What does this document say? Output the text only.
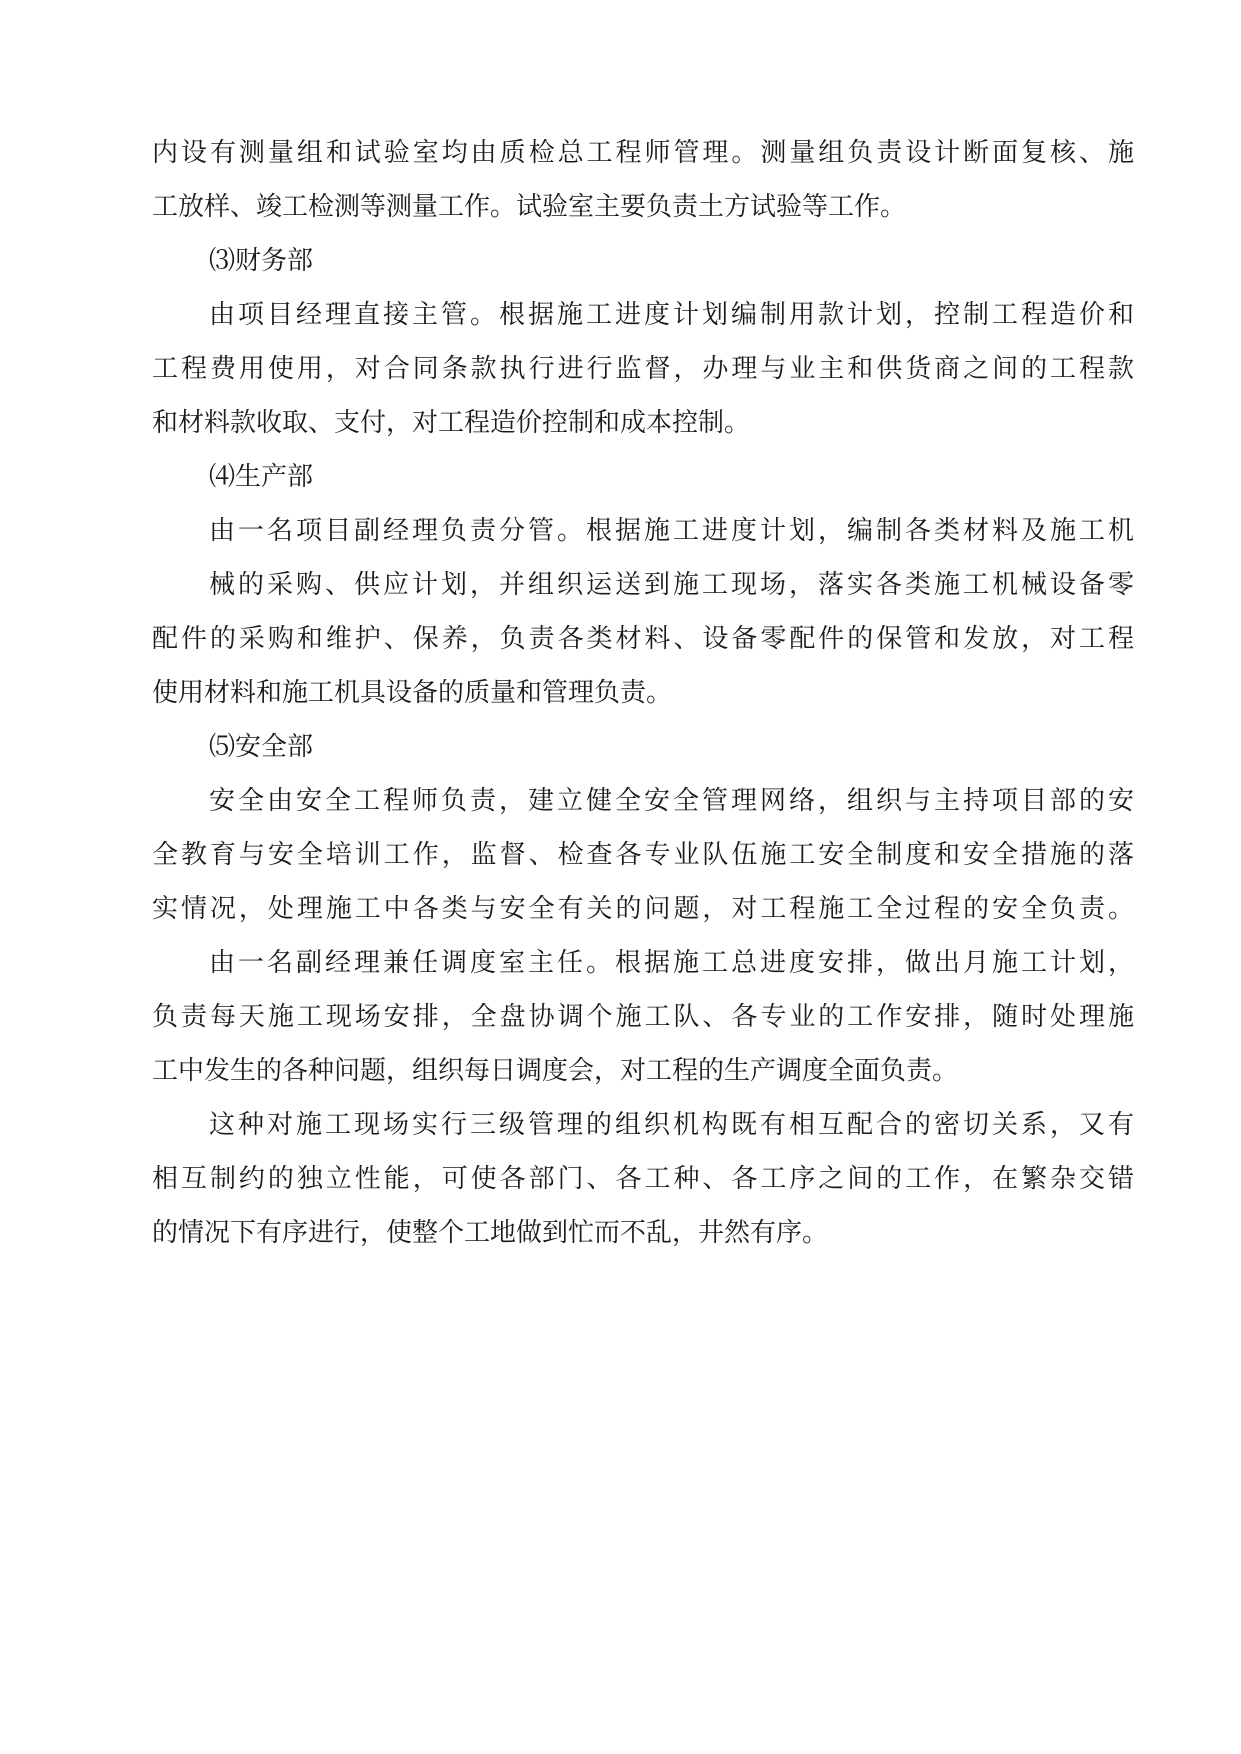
内设有测量组和试验室均由质检总工程师管理。测量组负责设计断面复核、施
工放样、竣工检测等测量工作。试验室主要负责土方试验等工作。
⑶财务部
由项目经理直接主管。根据施工进度计划编制用款计划，控制工程造价和
工程费用使用，对合同条款执行进行监督，办理与业主和供货商之间的工程款
和材料款收取、支付，对工程造价控制和成本控制。
⑷生产部
由一名项目副经理负责分管。根据施工进度计划，编制各类材料及施工机
械的采购、供应计划，并组织运送到施工现场，落实各类施工机械设备零
配件的采购和维护、保养，负责各类材料、设备零配件的保管和发放，对工程
使用材料和施工机具设备的质量和管理负责。
⑸安全部
安全由安全工程师负责，建立健全安全管理网络，组织与主持项目部的安
全教育与安全培训工作，监督、检查各专业队伍施工安全制度和安全措施的落
实情况，处理施工中各类与安全有关的问题，对工程施工全过程的安全负责。
由一名副经理兼任调度室主任。根据施工总进度安排，做出月施工计划，
负责每天施工现场安排，全盘协调个施工队、各专业的工作安排，随时处理施
工中发生的各种问题，组织每日调度会，对工程的生产调度全面负责。
这种对施工现场实行三级管理的组织机构既有相互配合的密切关系，又有
相互制约的独立性能，可使各部门、各工种、各工序之间的工作，在繁杂交错
的情况下有序进行，使整个工地做到忙而不乱，井然有序。
